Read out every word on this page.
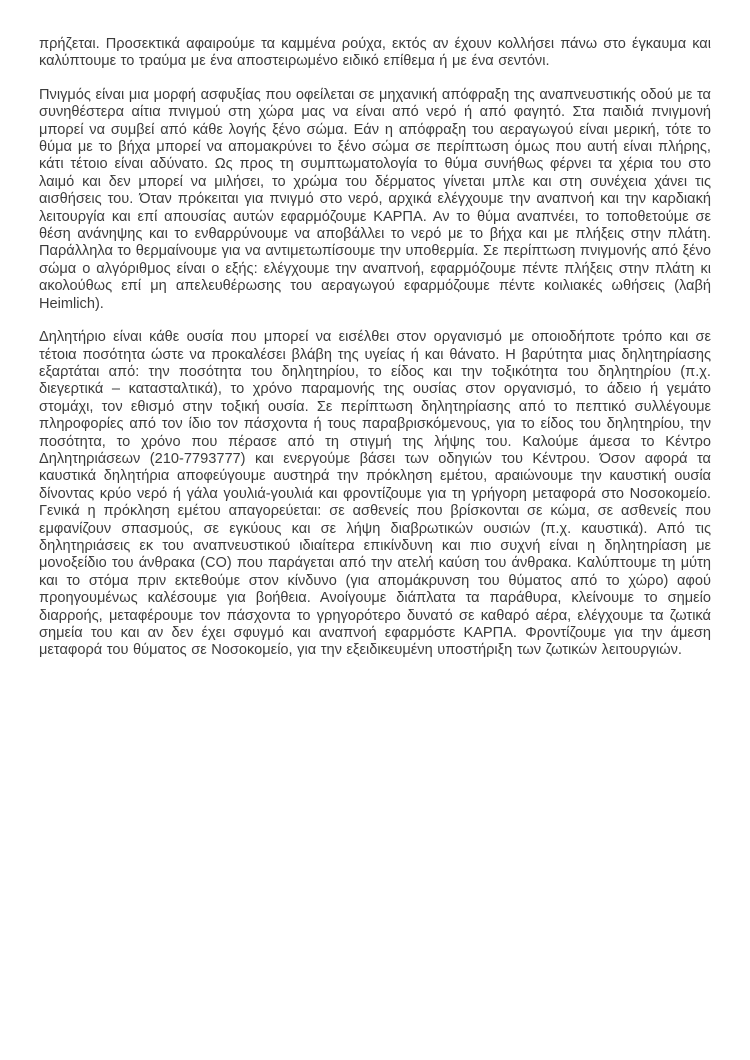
πρήζεται. Προσεκτικά αφαιρούμε τα καμμένα ρούχα, εκτός αν έχουν κολλήσει πάνω στο έγκαυμα και καλύπτουμε το τραύμα με ένα αποστειρωμένο ειδικό επίθεμα ή με ένα σεντόνι.

Πνιγμός είναι μια μορφή ασφυξίας που οφείλεται σε μηχανική απόφραξη της αναπνευστικής οδού με τα συνηθέστερα αίτια πνιγμού στη χώρα μας να είναι από νερό ή από φαγητό. Στα παιδιά πνιγμονή μπορεί να συμβεί από κάθε λογής ξένο σώμα. Εάν η απόφραξη του αεραγωγού είναι μερική, τότε το θύμα με το βήχα μπορεί να απομακρύνει το ξένο σώμα σε περίπτωση όμως που αυτή είναι πλήρης, κάτι τέτοιο είναι αδύνατο. Ως προς τη συμπτωματολογία το θύμα συνήθως φέρνει τα χέρια του στο λαιμό και δεν μπορεί να μιλήσει, το χρώμα του δέρματος γίνεται μπλε και στη συνέχεια χάνει τις αισθήσεις του. Όταν πρόκειται για πνιγμό στο νερό, αρχικά ελέγχουμε την αναπνοή και την καρδιακή λειτουργία και επί απουσίας αυτών εφαρμόζουμε ΚΑΡΠΑ. Αν το θύμα αναπνέει, το τοποθετούμε σε θέση ανάνηψης και το ενθαρρύνουμε να αποβάλλει το νερό με το βήχα και με πλήξεις στην πλάτη. Παράλληλα το θερμαίνουμε για να αντιμετωπίσουμε την υποθερμία. Σε περίπτωση πνιγμονής από ξένο σώμα ο αλγόριθμος είναι ο εξής: ελέγχουμε την αναπνοή, εφαρμόζουμε πέντε πλήξεις στην πλάτη κι ακολούθως επί μη απελευθέρωσης του αεραγωγού εφαρμόζουμε πέντε κοιλιακές ωθήσεις (λαβή Heimlich).

Δηλητήριο είναι κάθε ουσία που μπορεί να εισέλθει στον οργανισμό με οποιοδήποτε τρόπο και σε τέτοια ποσότητα ώστε να προκαλέσει βλάβη της υγείας ή και θάνατο. Η βαρύτητα μιας δηλητηρίασης εξαρτάται από: την ποσότητα του δηλητηρίου, το είδος και την τοξικότητα του δηλητηρίου (π.χ. διεγερτικά – κατασταλτικά), το χρόνο παραμονής της ουσίας στον οργανισμό, το άδειο ή γεμάτο στομάχι, τον εθισμό στην τοξική ουσία. Σε περίπτωση δηλητηρίασης από το πεπτικό συλλέγουμε πληροφορίες από τον ίδιο τον πάσχοντα ή τους παραβρισκόμενους, για το είδος του δηλητηρίου, την ποσότητα, το χρόνο που πέρασε από τη στιγμή της λήψης του. Καλούμε άμεσα το Κέντρο Δηλητηριάσεων (210-7793777) και ενεργούμε βάσει των οδηγιών του Κέντρου. Όσον αφορά τα καυστικά δηλητήρια αποφεύγουμε αυστηρά την πρόκληση εμέτου, αραιώνουμε την καυστική ουσία δίνοντας κρύο νερό ή γάλα γουλιά-γουλιά και φροντίζουμε για τη γρήγορη μεταφορά στο Νοσοκομείο. Γενικά η πρόκληση εμέτου απαγορεύεται: σε ασθενείς που βρίσκονται σε κώμα, σε ασθενείς που εμφανίζουν σπασμούς, σε εγκύους και σε λήψη διαβρωτικών ουσιών (π.χ. καυστικά). Από τις δηλητηριάσεις εκ του αναπνευστικού ιδιαίτερα επικίνδυνη και πιο συχνή είναι η δηλητηρίαση με μονοξείδιο του άνθρακα (CO) που παράγεται από την ατελή καύση του άνθρακα. Καλύπτουμε τη μύτη και το στόμα πριν εκτεθούμε στον κίνδυνο (για απομάκρυνση του θύματος από το χώρο) αφού προηγουμένως καλέσουμε για βοήθεια. Ανοίγουμε διάπλατα τα παράθυρα, κλείνουμε το σημείο διαρροής, μεταφέρουμε τον πάσχοντα το γρηγορότερο δυνατό σε καθαρό αέρα, ελέγχουμε τα ζωτικά σημεία του και αν δεν έχει σφυγμό και αναπνοή εφαρμόστε ΚΑΡΠΑ. Φροντίζουμε για την άμεση μεταφορά του θύματος σε Νοσοκομείο, για την εξειδικευμένη υποστήριξη των ζωτικών λειτουργιών.
